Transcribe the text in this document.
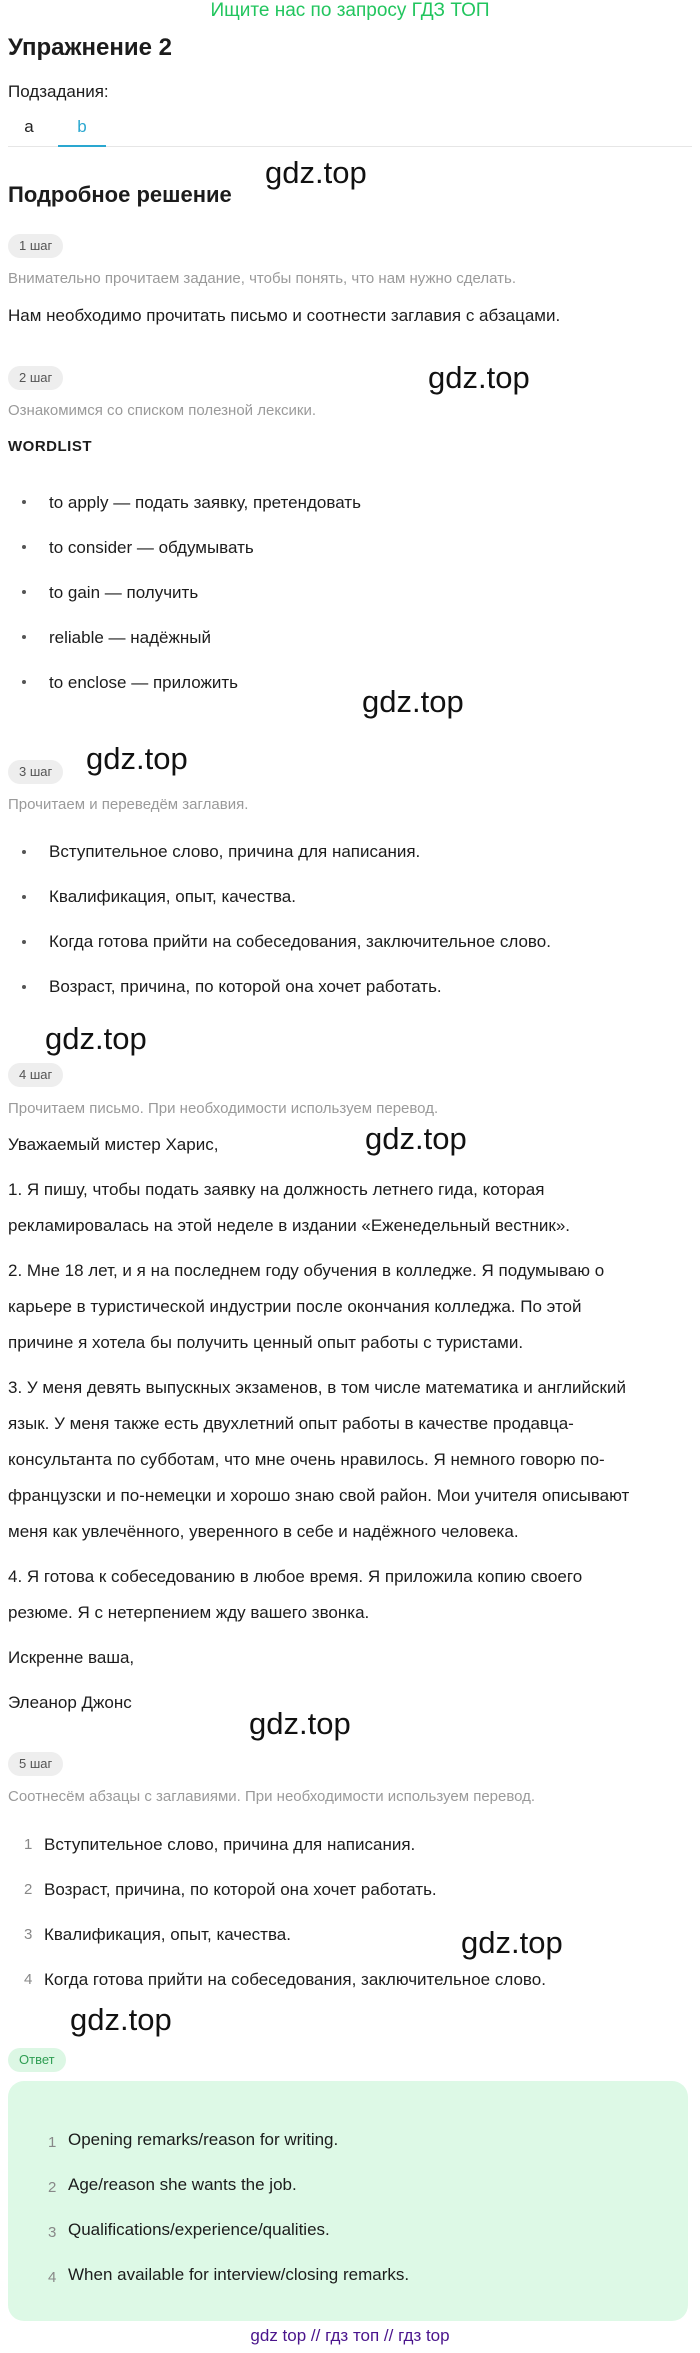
Ищите нас по запросу ГДЗ ТОП
Упражнение 2
Подзадания:
a	b
Подробное решение
gdz.top
gdz.top
gdz.top
gdz.top
gdz.top
gdz.top
gdz.top
gdz.top
gdz.top
1 шаг
Внимательно прочитаем задание, чтобы понять, что нам нужно сделать.
Нам необходимо прочитать письмо и соотнести заглавия с абзацами.
2 шаг
Ознакомимся со списком полезной лексики.
WORDLIST
to apply — подать заявку, претендовать
to consider — обдумывать
to gain — получить
reliable — надёжный
to enclose — приложить
3 шаг
Прочитаем и переведём заглавия.
Вступительное слово, причина для написания.
Квалификация, опыт, качества.
Когда готова прийти на собеседования, заключительное слово.
Возраст, причина, по которой она хочет работать.
4 шаг
Прочитаем письмо. При необходимости используем перевод.
Уважаемый мистер Харис,
1. Я пишу, чтобы подать заявку на должность летнего гида, которая
рекламировалась на этой неделе в издании «Еженедельный вестник».
2. Мне 18 лет, и я на последнем году обучения в колледже. Я подумываю о
карьере в туристической индустрии после окончания колледжа. По этой
причине я хотела бы получить ценный опыт работы с туристами.
3. У меня девять выпускных экзаменов, в том числе математика и английский
язык. У меня также есть двухлетний опыт работы в качестве продавца-
консультанта по субботам, что мне очень нравилось. Я немного говорю по-
французски и по-немецки и хорошо знаю свой район. Мои учителя описывают
меня как увлечённого, уверенного в себе и надёжного человека.
4. Я готова к собеседованию в любое время. Я приложила копию своего
резюме. Я с нетерпением жду вашего звонка.
Искренне ваша,
Элеанор Джонс
5 шаг
Соотнесём абзацы с заглавиями. При необходимости используем перевод.
1 Вступительное слово, причина для написания.
2 Возраст, причина, по которой она хочет работать.
3 Квалификация, опыт, качества.
4 Когда готова прийти на собеседования, заключительное слово.
Ответ
1 Opening remarks/reason for writing.
2 Age/reason she wants the job.
3 Qualifications/experience/qualities.
4 When available for interview/closing remarks.
gdz top // гдз топ // гдз top
